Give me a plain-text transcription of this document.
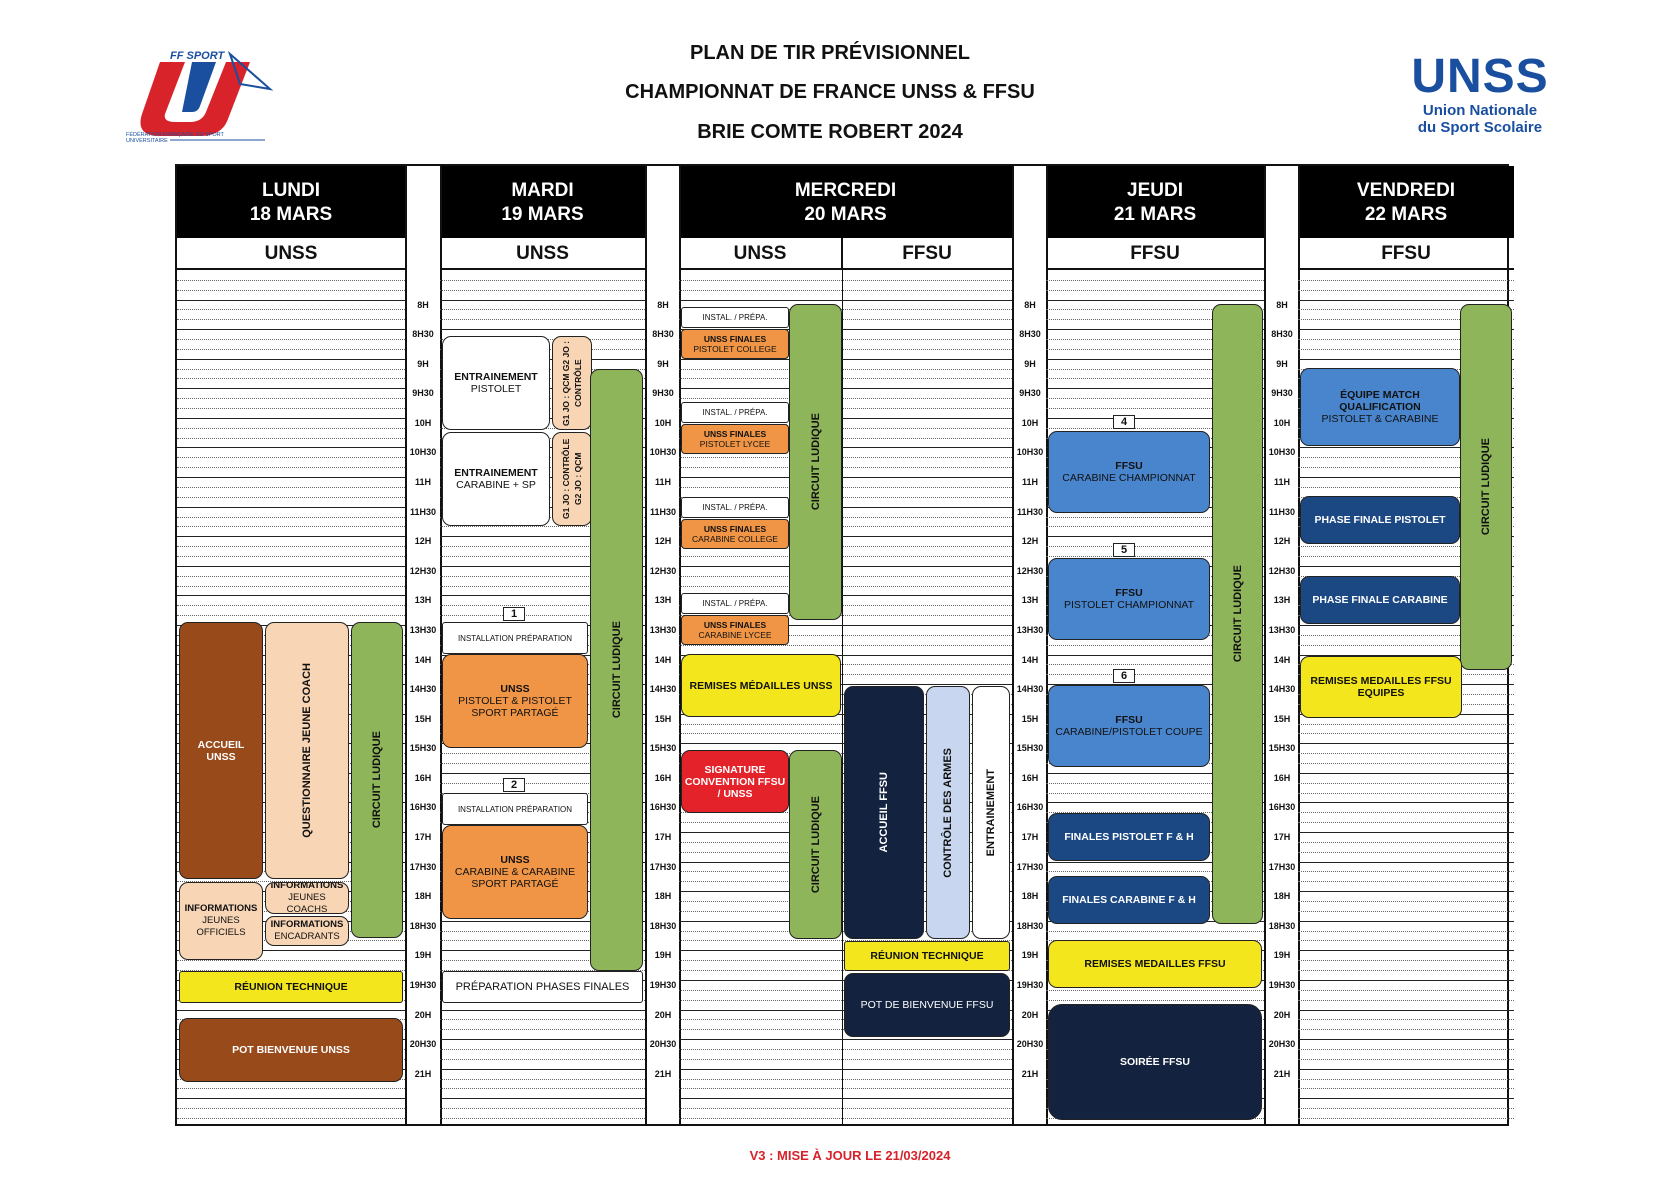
PLAN DE TIR PRÉVISIONNEL
CHAMPIONNAT DE FRANCE UNSS & FFSU
BRIE COMTE ROBERT 2024
FF SPORT
FÉDÉRATION FRANÇAISE DU SPORT UNIVERSITAIRE
UNSS
Union Nationale
du Sport Scolaire
LUNDI
18 MARS
MARDI
19 MARS
MERCREDI
20 MARS
JEUDI
21 MARS
VENDREDI
22 MARS
UNSS	UNSS	UNSS	FFSU	FFSU	FFSU
8H	8H	8H	8H
8H30	8H30	8H30	8H30
9H	9H	9H	9H
9H30	9H30	9H30	9H30
10H	10H	10H	10H
10H30	10H30	10H30	10H30
11H	11H	11H	11H
11H30	11H30	11H30	11H30
12H	12H	12H	12H
12H30	12H30	12H30	12H30
13H	13H	13H	13H
13H30	13H30	13H30	13H30
14H	14H	14H	14H
14H30	14H30	14H30	14H30
15H	15H	15H	15H
15H30	15H30	15H30	15H30
16H	16H	16H	16H
16H30	16H30	16H30	16H30
17H	17H	17H	17H
17H30	17H30	17H30	17H30
18H	18H	18H	18H
18H30	18H30	18H30	18H30
19H	19H	19H	19H
19H30	19H30	19H30	19H30
20H	20H	20H	20H
20H30	20H30	20H30	20H30
21H	21H	21H	21H
ACCUEIL UNSS	QUESTIONNAIRE JEUNE COACH	CIRCUIT LUDIQUE
INFORMATIONS
JEUNES OFFICIELS
INFORMATIONS
JEUNES COACHS
INFORMATIONS
ENCADRANTS
RÉUNION TECHNIQUE
POT BIENVENUE UNSS
ENTRAINEMENT
PISTOLET	G1 JO : QCM G2 JO : CONTRÔLE
ENTRAINEMENT
CARABINE + SP	G1 JO : CONTRÔLE G2 JO : QCM
CIRCUIT LUDIQUE
1
INSTALLATION PRÉPARATION
UNSS
PISTOLET & PISTOLET SPORT PARTAGÉ
2
INSTALLATION PRÉPARATION
UNSS
CARABINE & CARABINE SPORT PARTAGÉ
PRÉPARATION PHASES FINALES
INSTAL. / PRÉPA.
UNSS FINALES
PISTOLET COLLEGE
INSTAL. / PRÉPA.
UNSS FINALES
PISTOLET LYCEE
INSTAL. / PRÉPA.
UNSS FINALES
CARABINE COLLEGE
INSTAL. / PRÉPA.
UNSS FINALES
CARABINE LYCEE
CIRCUIT LUDIQUE
REMISES MÉDAILLES UNSS
SIGNATURE CONVENTION FFSU / UNSS
CIRCUIT LUDIQUE	ACCUEIL FFSU	CONTRÔLE DES ARMES	ENTRAINEMENT
RÉUNION TECHNIQUE
POT DE BIENVENUE FFSU
4
FFSU
CARABINE CHAMPIONNAT
5
FFSU
PISTOLET CHAMPIONNAT
6
FFSU
CARABINE/PISTOLET COUPE
FINALES PISTOLET F & H
FINALES CARABINE F & H
CIRCUIT LUDIQUE
REMISES MEDAILLES FFSU
SOIRÉE FFSU
ÉQUIPE MATCH QUALIFICATION
PISTOLET & CARABINE
PHASE FINALE PISTOLET
PHASE FINALE CARABINE
CIRCUIT LUDIQUE
REMISES MEDAILLES FFSU EQUIPES
V3 : MISE À JOUR LE 21/03/2024
